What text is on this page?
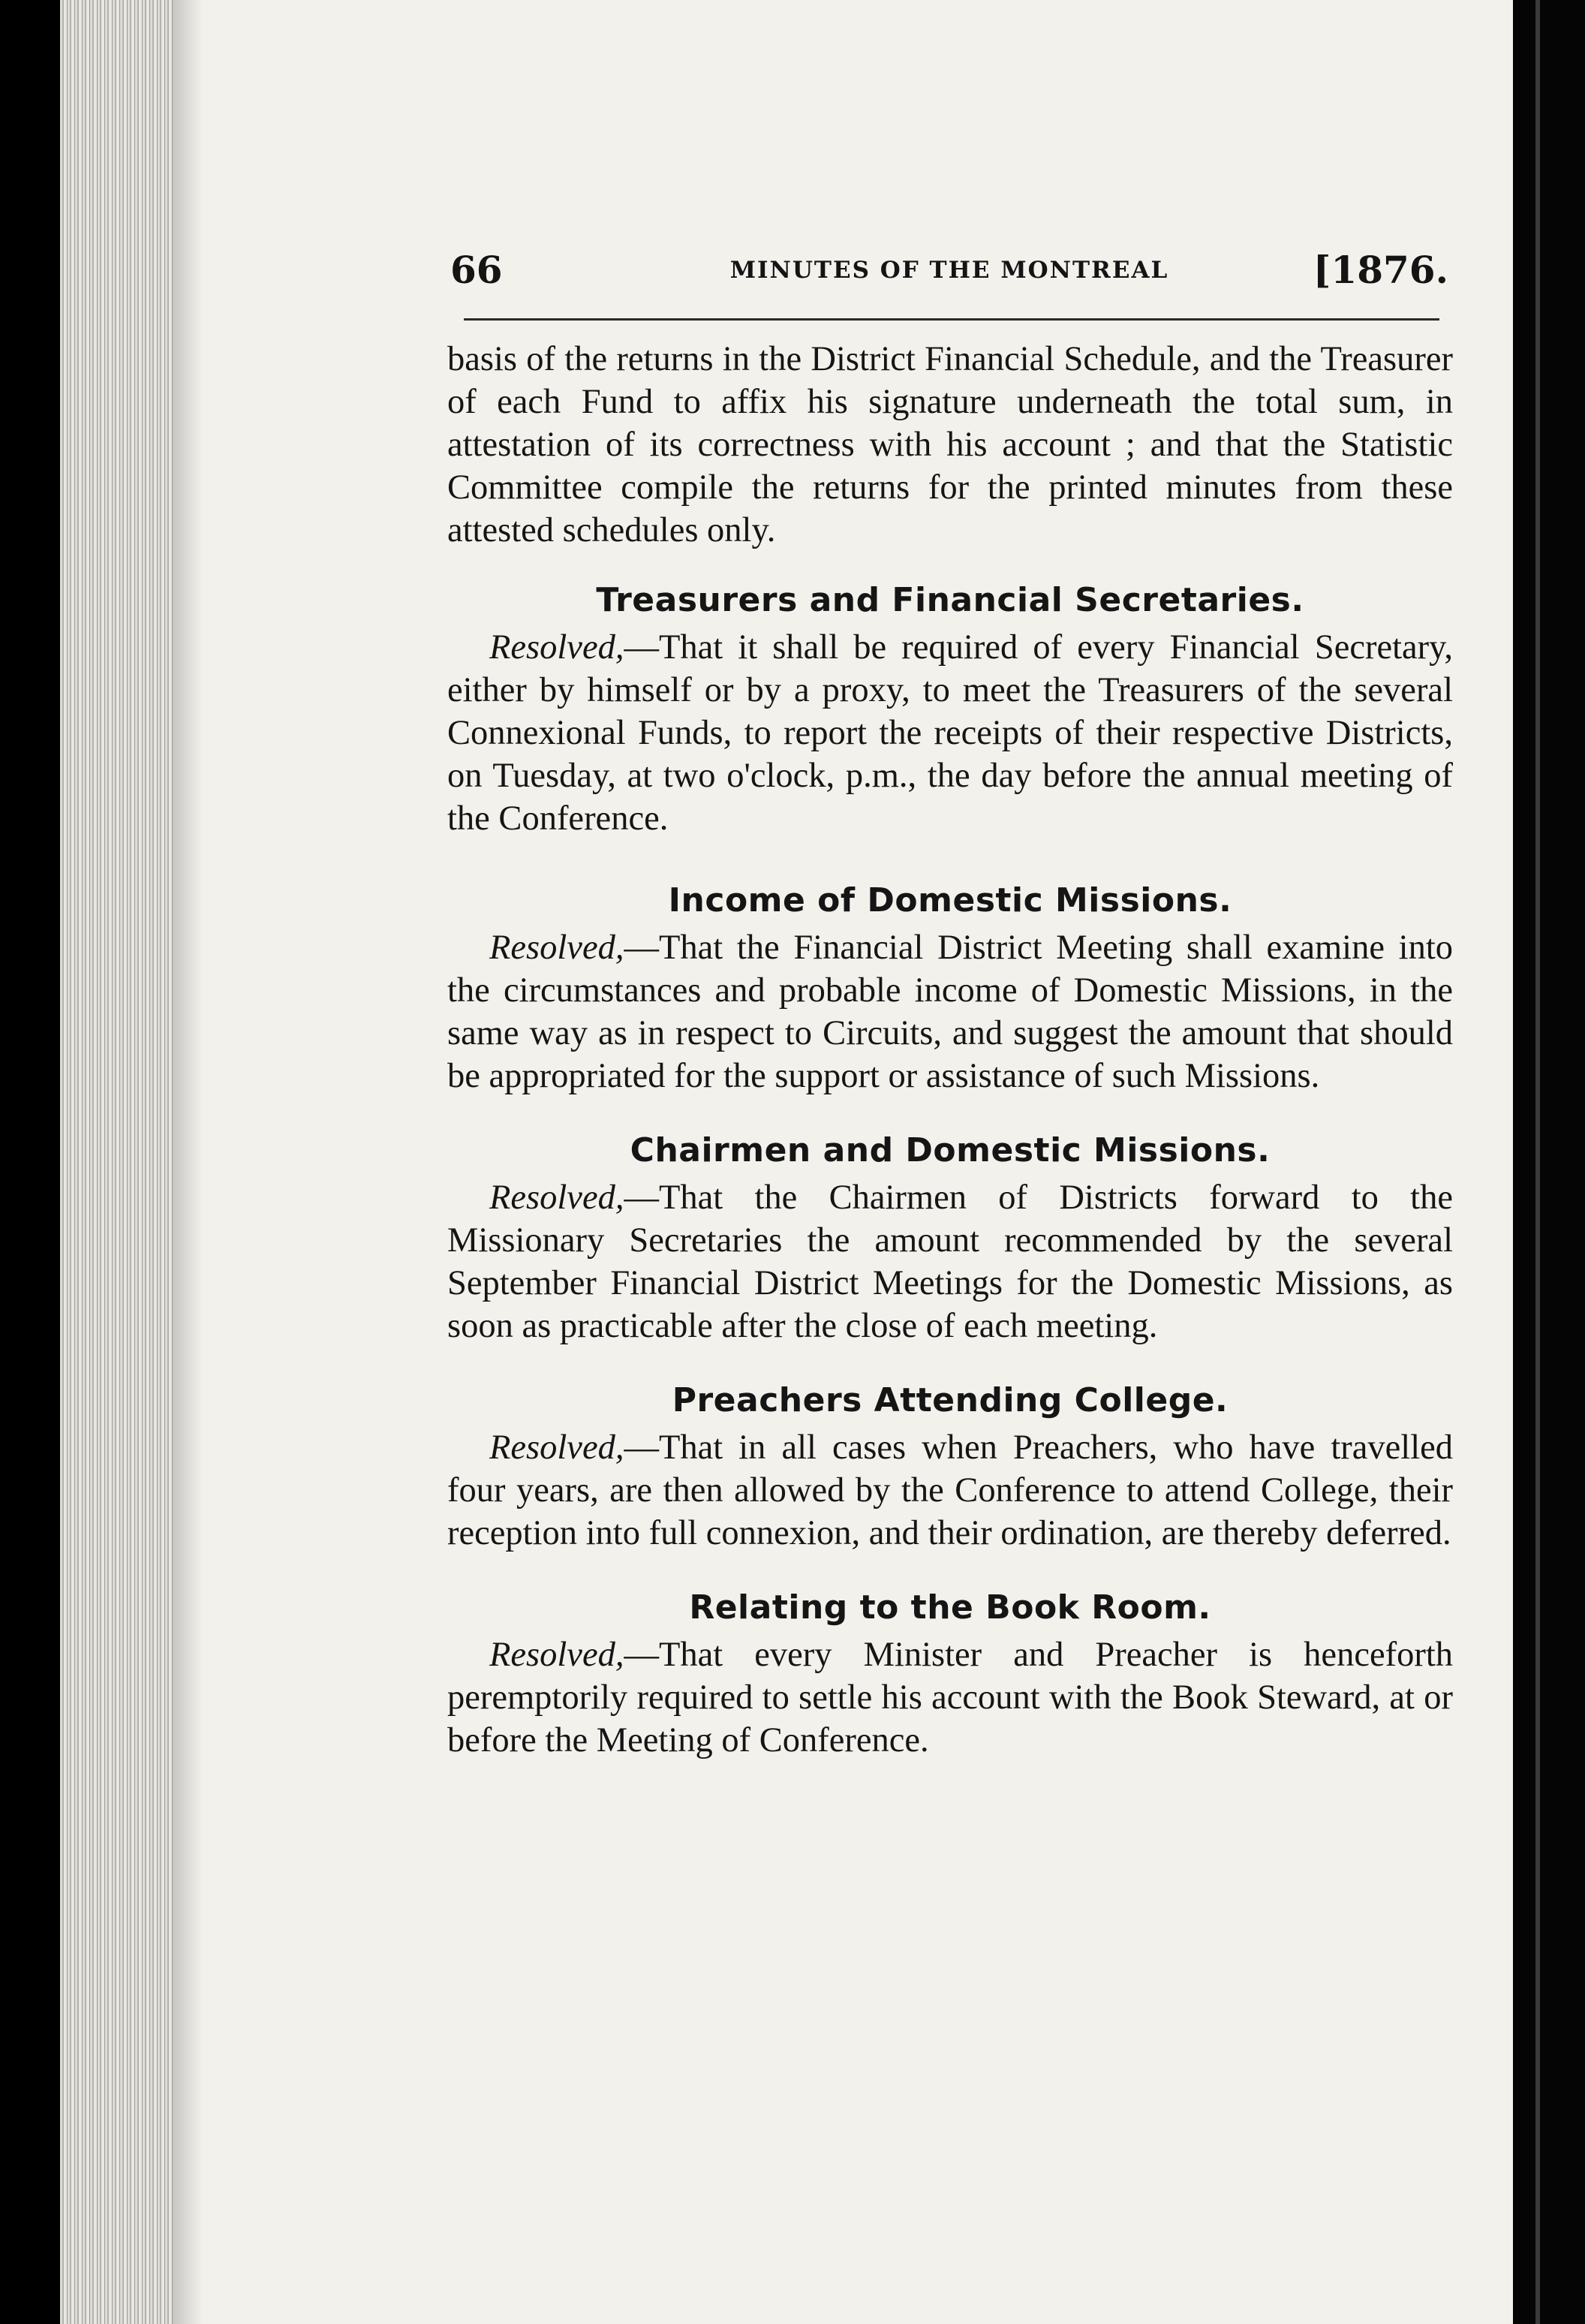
66	MINUTES OF THE MONTREAL	[1876.

basis of the returns in the District Financial Schedule, and the Treasurer of each Fund to affix his signature underneath the total sum, in attestation of its correctness with his account ; and that the Statistic Committee compile the returns for the printed minutes from these attested schedules only.

Treasurers and Financial Secretaries.

Resolved,—That it shall be required of every Financial Secretary, either by himself or by a proxy, to meet the Treasurers of the several Connexional Funds, to report the receipts of their respective Districts, on Tuesday, at two o'clock, p.m., the day before the annual meeting of the Conference.

Income of Domestic Missions.

Resolved,—That the Financial District Meeting shall examine into the circumstances and probable income of Domestic Missions, in the same way as in respect to Circuits, and suggest the amount that should be appropriated for the support or assistance of such Missions.

Chairmen and Domestic Missions.

Resolved,—That the Chairmen of Districts forward to the Missionary Secretaries the amount recommended by the several September Financial District Meetings for the Domestic Missions, as soon as practicable after the close of each meeting.

Preachers Attending College.

Resolved,—That in all cases when Preachers, who have travelled four years, are then allowed by the Conference to attend College, their reception into full connexion, and their ordination, are thereby deferred.

Relating to the Book Room.

Resolved,—That every Minister and Preacher is henceforth peremptorily required to settle his account with the Book Steward, at or before the Meeting of Conference.
